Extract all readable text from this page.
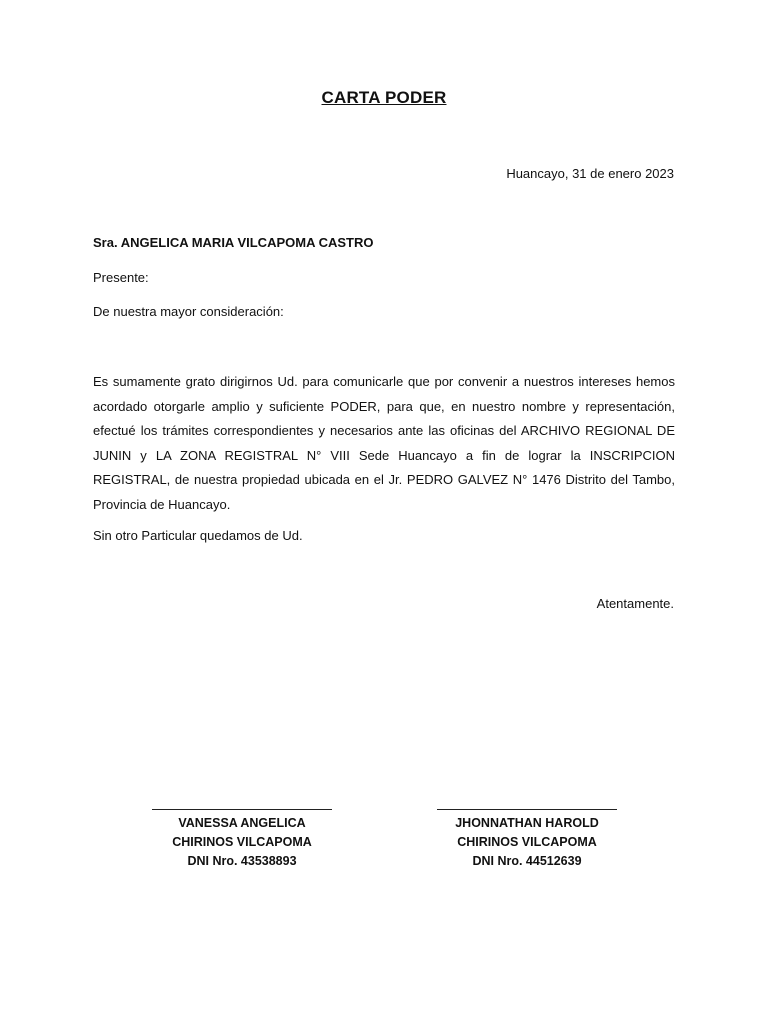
CARTA PODER
Huancayo, 31 de enero 2023
Sra. ANGELICA MARIA VILCAPOMA CASTRO
Presente:
De nuestra mayor consideración:
Es sumamente grato dirigirnos Ud. para comunicarle que por convenir a nuestros intereses hemos acordado otorgarle amplio y suficiente PODER, para que, en nuestro nombre y representación, efectué los trámites correspondientes y necesarios ante las oficinas del ARCHIVO REGIONAL DE JUNIN y LA ZONA REGISTRAL N° VIII Sede Huancayo a fin de lograr la INSCRIPCION REGISTRAL, de nuestra propiedad ubicada en el Jr. PEDRO GALVEZ N° 1476 Distrito del Tambo, Provincia de Huancayo.
Sin otro Particular quedamos de Ud.
Atentamente.
VANESSA ANGELICA
CHIRINOS VILCAPOMA
DNI Nro. 43538893
JHONNATHAN HAROLD
CHIRINOS VILCAPOMA
DNI Nro. 44512639
